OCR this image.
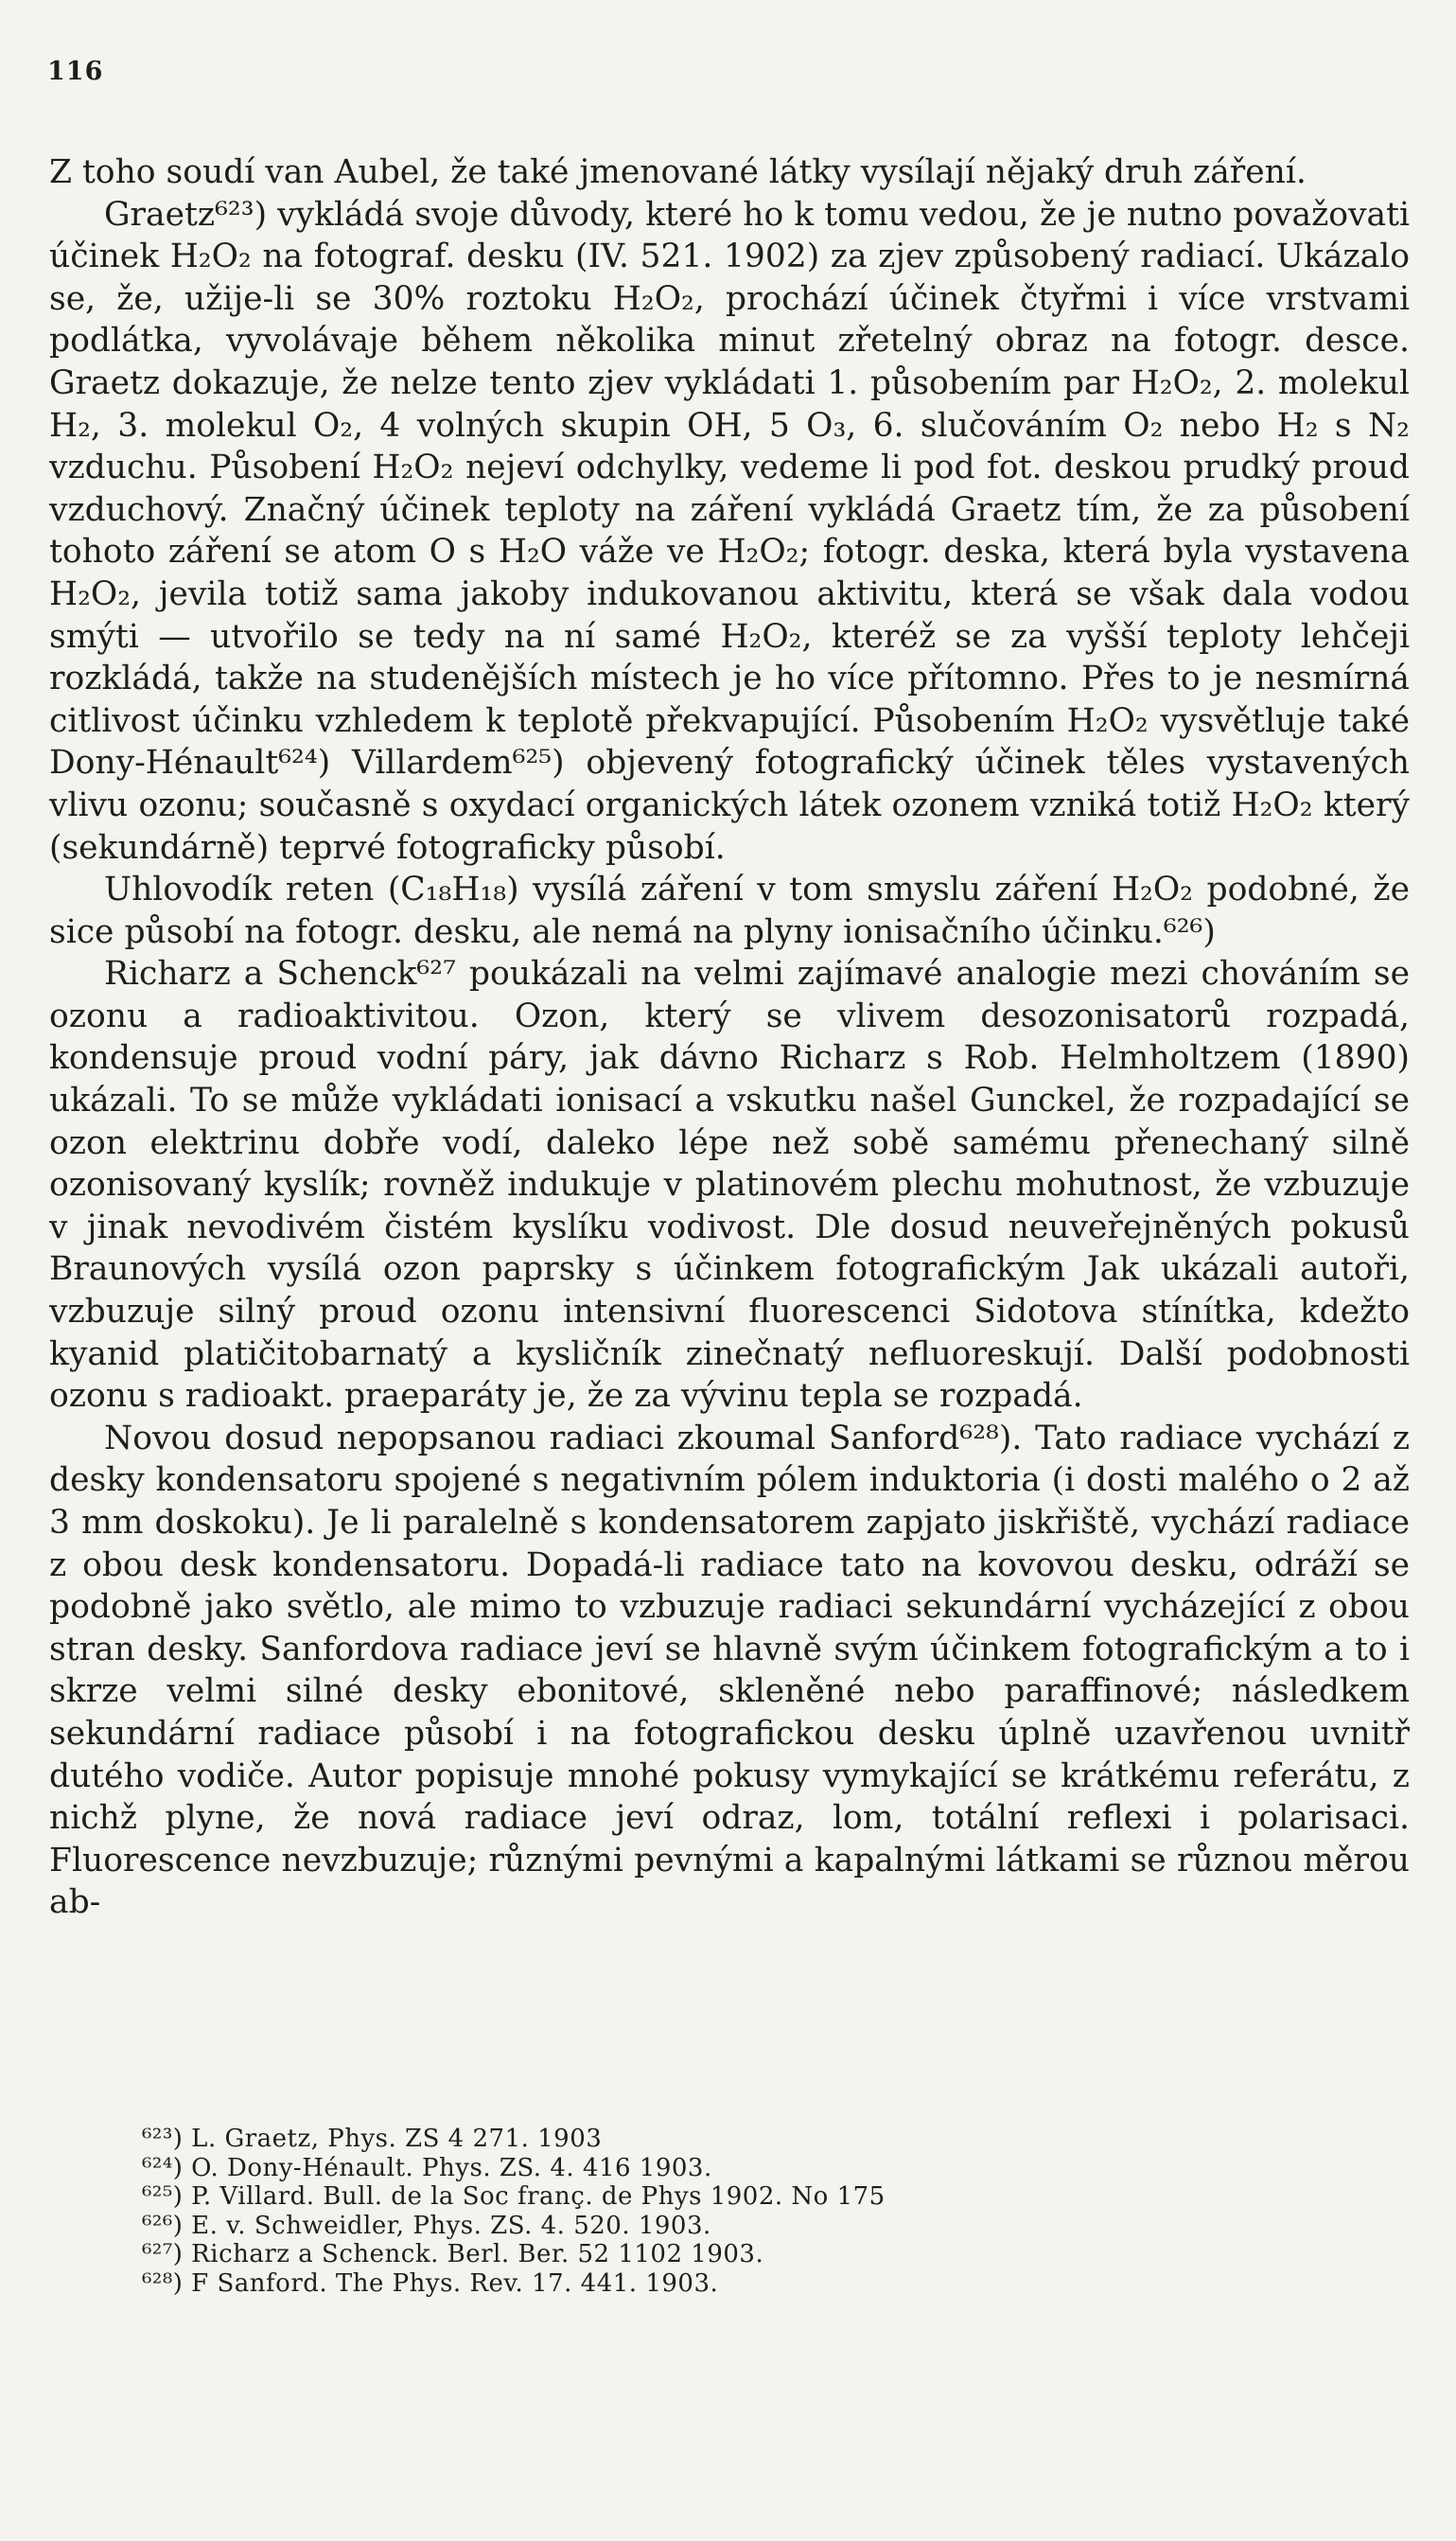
116

Z toho soudí van Aubel, že také jmenované látky vysílají nějaký druh záření.

Graetz⁶²³) vykládá svoje důvody, které ho k tomu vedou, že je nutno považovati účinek H₂O₂ na fotograf. desku (IV. 521. 1902) za zjev způsobený radiací. Ukázalo se, že, užije-li se 30% roztoku H₂O₂, prochází účinek čtyřmi i více vrstvami podlátka, vyvolávaje během několika minut zřetelný obraz na fotogr. desce. Graetz dokazuje, že nelze tento zjev vykládati 1. působením par H₂O₂, 2. molekul H₂, 3. molekul O₂, 4 volných skupin OH, 5 O₃, 6. slučováním O₂ nebo H₂ s N₂ vzduchu. Působení H₂O₂ nejeví odchylky, vedeme li pod fot. deskou prudký proud vzduchový. Značný účinek teploty na záření vykládá Graetz tím, že za působení tohoto záření se atom O s H₂O váže ve H₂O₂; fotogr. deska, která byla vystavena H₂O₂, jevila totiž sama jakoby indukovanou aktivitu, která se však dala vodou smýti — utvořilo se tedy na ní samé H₂O₂, kteréž se za vyšší teploty lehčeji rozkládá, takže na studenějších místech je ho více přítomno. Přes to je nesmírná citlivost účinku vzhledem k teplotě překvapující. Působením H₂O₂ vysvětluje také Dony-Hénault⁶²⁴) Villardem⁶²⁵) objevený fotografický účinek těles vystavených vlivu ozonu; současně s oxydací organických látek ozonem vzniká totiž H₂O₂ který (sekundárně) teprvé fotograficky působí.

Uhlovodík reten (C₁₈H₁₈) vysílá záření v tom smyslu záření H₂O₂ podobné, že sice působí na fotogr. desku, ale nemá na plyny ionisačního účinku.⁶²⁶)

Richarz a Schenck⁶²⁷ poukázali na velmi zajímavé analogie mezi chováním se ozonu a radioaktivitou. Ozon, který se vlivem desozonisatorů rozpadá, kondensuje proud vodní páry, jak dávno Richarz s Rob. Helmholtzem (1890) ukázali. To se může vykládati ionisací a vskutku našel Gunckel, že rozpadající se ozon elektrinu dobře vodí, daleko lépe než sobě samému přenechaný silně ozonisovaný kyslík; rovněž indukuje v platinovém plechu mohutnost, že vzbuzuje v jinak nevodivém čistém kyslíku vodivost. Dle dosud neuveřejněných pokusů Braunových vysílá ozon paprsky s účinkem fotografickým Jak ukázali autoři, vzbuzuje silný proud ozonu intensivní fluorescenci Sidotova stínítka, kdežto kyanid platičitobarnatý a kysličník zinečnatý nefluoreskují. Další podobnosti ozonu s radioakt. praeparáty je, že za vývinu tepla se rozpadá.

Novou dosud nepopsanou radiaci zkoumal Sanford⁶²⁸). Tato radiace vychází z desky kondensatoru spojené s negativním pólem induktoria (i dosti malého o 2 až 3 mm doskoku). Je li paralelně s kondensatorem zapjato jiskřiště, vychází radiace z obou desk kondensatoru. Dopadá-li radiace tato na kovovou desku, odráží se podobně jako světlo, ale mimo to vzbuzuje radiaci sekundární vycházející z obou stran desky. Sanfordova radiace jeví se hlavně svým účinkem fotografickým a to i skrze velmi silné desky ebonitové, skleněné nebo paraffinové; následkem sekundární radiace působí i na fotografickou desku úplně uzavřenou uvnitř dutého vodiče. Autor popisuje mnohé pokusy vymykající se krátkému referátu, z nichž plyne, že nová radiace jeví odraz, lom, totální reflexi i polarisaci. Fluorescence nevzbuzuje; různými pevnými a kapalnými látkami se různou měrou ab-

⁶²³) L. Graetz, Phys. ZS 4 271. 1903
⁶²⁴) O. Dony-Hénault. Phys. ZS. 4. 416 1903.
⁶²⁵) P. Villard. Bull. de la Soc franç. de Phys 1902. No 175
⁶²⁶) E. v. Schweidler, Phys. ZS. 4. 520. 1903.
⁶²⁷) Richarz a Schenck. Berl. Ber. 52 1102 1903.
⁶²⁸) F Sanford. The Phys. Rev. 17. 441. 1903.
